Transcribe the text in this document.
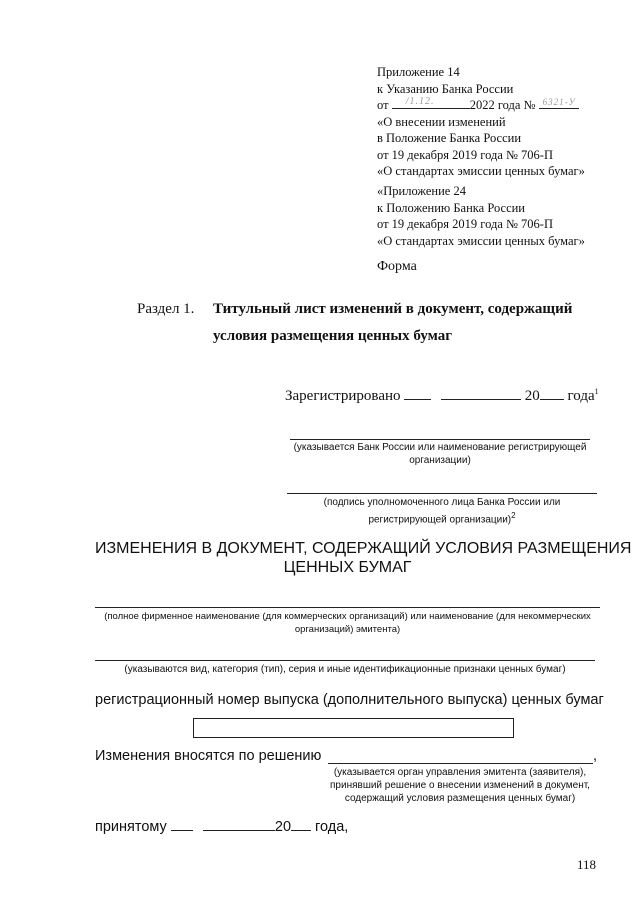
Приложение 14
к Указанию Банка России
от /1.12.	2022 года № 6321-У
«О внесении изменений
в Положение Банка России
от 19 декабря 2019 года № 706-П
«О стандартах эмиссии ценных бумаг»
«Приложение 24
к Положению Банка России
от 19 декабря 2019 года № 706-П
«О стандартах эмиссии ценных бумаг»
Форма
Раздел 1. Титульный лист изменений в документ, содержащий
условия размещения ценных бумаг
Зарегистрировано	20 года$^1$
(указывается Банк России или наименование регистрирующей
организации)
(подпись уполномоченного лица Банка России или
регистрирующей организации)$^2$
ИЗМЕНЕНИЯ В ДОКУМЕНТ, СОДЕРЖАЩИЙ УСЛОВИЯ РАЗМЕЩЕНИЯ
ЦЕННЫХ БУМАГ
(полное фирменное наименование (для коммерческих организаций) или наименование (для некоммерческих
организаций) эмитента)
(указываются вид, категория (тип), серия и иные идентификационные признаки ценных бумаг)
регистрационный номер выпуска (дополнительного выпуска) ценных бумаг
Изменения вносятся по решению	,
(указывается орган управления эмитента (заявителя),
принявший решение о внесении изменений в документ,
содержащий условия размещения ценных бумаг)
принятому	20 года,
118
